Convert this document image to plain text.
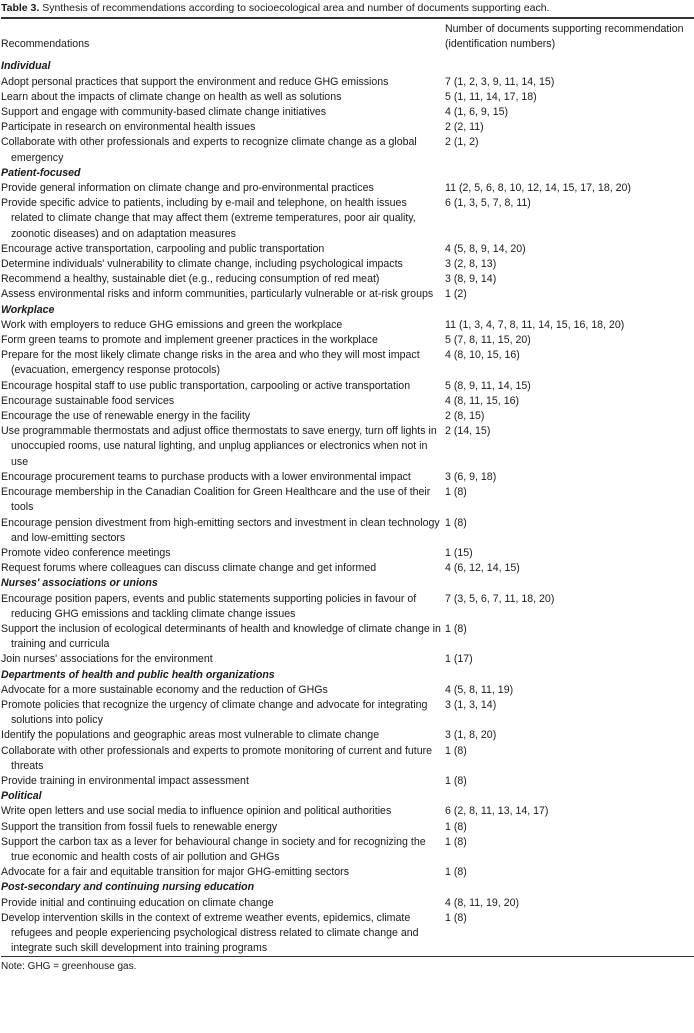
Table 3. Synthesis of recommendations according to socioecological area and number of documents supporting each.
Recommendations	Number of documents supporting recommendation (identification numbers)
Individual	

Adopt personal practices that support the environment and reduce GHG emissions	7 (1, 2, 3, 9, 11, 14, 15)

Learn about the impacts of climate change on health as well as solutions	5 (1, 11, 14, 17, 18)

Support and engage with community-based climate change initiatives	4 (1, 6, 9, 15)

Participate in research on environmental health issues	2 (2, 11)

Collaborate with other professionals and experts to recognize climate change as a global emergency	2 (1, 2)
Patient-focused	

Provide general information on climate change and pro-environmental practices	11 (2, 5, 6, 8, 10, 12, 14, 15, 17, 18, 20)

Provide specific advice to patients, including by e-mail and telephone, on health issues related to climate change that may affect them (extreme temperatures, poor air quality, zoonotic diseases) and on adaptation measures	6 (1, 3, 5, 7, 8, 11)

Encourage active transportation, carpooling and public transportation	4 (5, 8, 9, 14, 20)

Determine individuals' vulnerability to climate change, including psychological impacts	3 (2, 8, 13)

Recommend a healthy, sustainable diet (e.g., reducing consumption of red meat)	3 (8, 9, 14)

Assess environmental risks and inform communities, particularly vulnerable or at-risk groups	1 (2)
Workplace	

Work with employers to reduce GHG emissions and green the workplace	11 (1, 3, 4, 7, 8, 11, 14, 15, 16, 18, 20)

Form green teams to promote and implement greener practices in the workplace	5 (7, 8, 11, 15, 20)

Prepare for the most likely climate change risks in the area and who they will most impact (evacuation, emergency response protocols)	4 (8, 10, 15, 16)

Encourage hospital staff to use public transportation, carpooling or active transportation	5 (8, 9, 11, 14, 15)

Encourage sustainable food services	4 (8, 11, 15, 16)

Encourage the use of renewable energy in the facility	2 (8, 15)

Use programmable thermostats and adjust office thermostats to save energy, turn off lights in unoccupied rooms, use natural lighting, and unplug appliances or electronics when not in use	2 (14, 15)

Encourage procurement teams to purchase products with a lower environmental impact	3 (6, 9, 18)

Encourage membership in the Canadian Coalition for Green Healthcare and the use of their tools	1 (8)

Encourage pension divestment from high-emitting sectors and investment in clean technology and low-emitting sectors	1 (8)

Promote video conference meetings	1 (15)

Request forums where colleagues can discuss climate change and get informed	4 (6, 12, 14, 15)
Nurses' associations or unions	

Encourage position papers, events and public statements supporting policies in favour of reducing GHG emissions and tackling climate change issues	7 (3, 5, 6, 7, 11, 18, 20)

Support the inclusion of ecological determinants of health and knowledge of climate change in training and curricula	1 (8)

Join nurses' associations for the environment	1 (17)
Departments of health and public health organizations	

Advocate for a more sustainable economy and the reduction of GHGs	4 (5, 8, 11, 19)

Promote policies that recognize the urgency of climate change and advocate for integrating solutions into policy	3 (1, 3, 14)

Identify the populations and geographic areas most vulnerable to climate change	3 (1, 8, 20)

Collaborate with other professionals and experts to promote monitoring of current and future threats	1 (8)

Provide training in environmental impact assessment	1 (8)
Political	

Write open letters and use social media to influence opinion and political authorities	6 (2, 8, 11, 13, 14, 17)

Support the transition from fossil fuels to renewable energy	1 (8)

Support the carbon tax as a lever for behavioural change in society and for recognizing the true economic and health costs of air pollution and GHGs	1 (8)

Advocate for a fair and equitable transition for major GHG-emitting sectors	1 (8)
Post-secondary and continuing nursing education	

Provide initial and continuing education on climate change	4 (8, 11, 19, 20)

Develop intervention skills in the context of extreme weather events, epidemics, climate refugees and people experiencing psychological distress related to climate change and integrate such skill development into training programs	1 (8)
Note: GHG = greenhouse gas.
